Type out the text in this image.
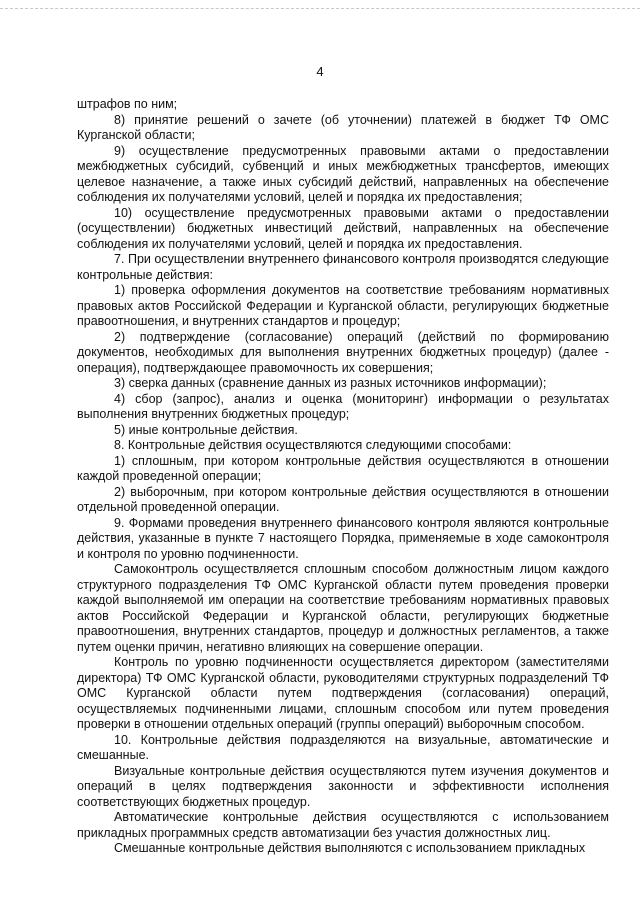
4

штрафов по ним;

8) принятие решений о зачете (об уточнении) платежей в бюджет ТФ ОМС Курганской области;

9) осуществление предусмотренных правовыми актами о предоставлении межбюджетных субсидий, субвенций и иных межбюджетных трансфертов, имеющих целевое назначение, а также иных субсидий действий, направленных на обеспечение соблюдения их получателями условий, целей и порядка их предоставления;

10) осуществление предусмотренных правовыми актами о предоставлении (осуществлении) бюджетных инвестиций действий, направленных на обеспечение соблюдения их получателями условий, целей и порядка их предоставления.

7. При осуществлении внутреннего финансового контроля производятся следующие контрольные действия:

1) проверка оформления документов на соответствие требованиям нормативных правовых актов Российской Федерации и Курганской области, регулирующих бюджетные правоотношения, и внутренних стандартов и процедур;

2) подтверждение (согласование) операций (действий по формированию документов, необходимых для выполнения внутренних бюджетных процедур) (далее - операция), подтверждающее правомочность их совершения;

3) сверка данных (сравнение данных из разных источников информации);

4) сбор (запрос), анализ и оценка (мониторинг) информации о результатах выполнения внутренних бюджетных процедур;

5) иные контрольные действия.

8. Контрольные действия осуществляются следующими способами:

1) сплошным, при котором контрольные действия осуществляются в отношении каждой проведенной операции;

2) выборочным, при котором контрольные действия осуществляются в отношении отдельной проведенной операции.

9. Формами проведения внутреннего финансового контроля являются контрольные действия, указанные в пункте 7 настоящего Порядка, применяемые в ходе самоконтроля и контроля по уровню подчиненности.

Самоконтроль осуществляется сплошным способом должностным лицом каждого структурного подразделения ТФ ОМС Курганской области путем проведения проверки каждой выполняемой им операции на соответствие требованиям нормативных правовых актов Российской Федерации и Курганской области, регулирующих бюджетные правоотношения, внутренних стандартов, процедур и должностных регламентов, а также путем оценки причин, негативно влияющих на совершение операции.

Контроль по уровню подчиненности осуществляется директором (заместителями директора) ТФ ОМС Курганской области, руководителями структурных подразделений ТФ ОМС Курганской области путем подтверждения (согласования) операций, осуществляемых подчиненными лицами, сплошным способом или путем проведения проверки в отношении отдельных операций (группы операций) выборочным способом.

10. Контрольные действия подразделяются на визуальные, автоматические и смешанные.

Визуальные контрольные действия осуществляются путем изучения документов и операций в целях подтверждения законности и эффективности исполнения соответствующих бюджетных процедур.

Автоматические контрольные действия осуществляются с использованием прикладных программных средств автоматизации без участия должностных лиц.

Смешанные контрольные действия выполняются с использованием прикладных
